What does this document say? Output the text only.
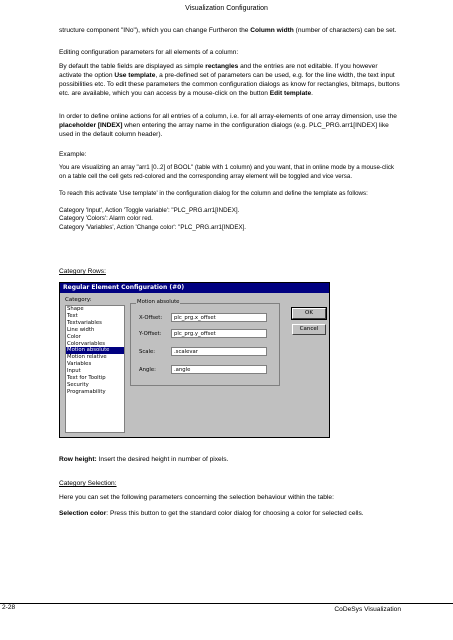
Visualization Configuration
structure component "INo"), which you can change Furtheron the Column width (number of characters) can be set.
Editing configuration parameters for all elements of a column:
By default the table fields are displayed as simple rectangles and the entries are not editable. If you however activate the option Use template, a pre-defined set of parameters can be used, e.g. for the line width, the text input possibilities etc. To edit these parameters the common configuration dialogs as know for rectangles, bitmaps, buttons etc. are available, which you can access by a mouse-click on the button Edit template.
In order to define online actions for all entries of a column, i.e. for all array-elements of one array dimension, use the placeholder [INDEX] when entering the array name in the configuration dialogs (e.g. PLC_PRG.arr1[INDEX] like used in the default column header).
Example:
You are visualizing an array "arr1 [0..2] of BOOL" (table with 1 column) and you want, that in online mode by a mouse-click on a table cell the cell gets red-colored and the corresponding array element will be toggled and vice versa.
To reach this activate 'Use template' in the configuration dialog for the column and define the template as follows:
Category 'Input', Action 'Toggle variable': "PLC_PRG.arr1[INDEX].
Category 'Colors': Alarm color red.
Category 'Variables', Action 'Change color': "PLC_PRG.arr1[INDEX].
Category Rows:
Regular Element Configuration (#0)
Category:
Shape
Text
Textvariables
Line width
Color
Colorvariables
Motion absolute
Motion relative
Variables
Input
Text for Tooltip
Security
Programability
Motion absolute
X-Offset:	plc_prg.x_offset
Y-Offset:	plc_prg.y_offset
Scale:	.scalevar
Angle:	.angle
OK
Cancel
Row height: Insert the desired height in number of pixels.
Category Selection:
Here you can set the following parameters concerning the selection behaviour within the table:
Selection color: Press this button to get the standard color dialog for choosing a color for selected cells.
2-28	CoDeSys Visualization
